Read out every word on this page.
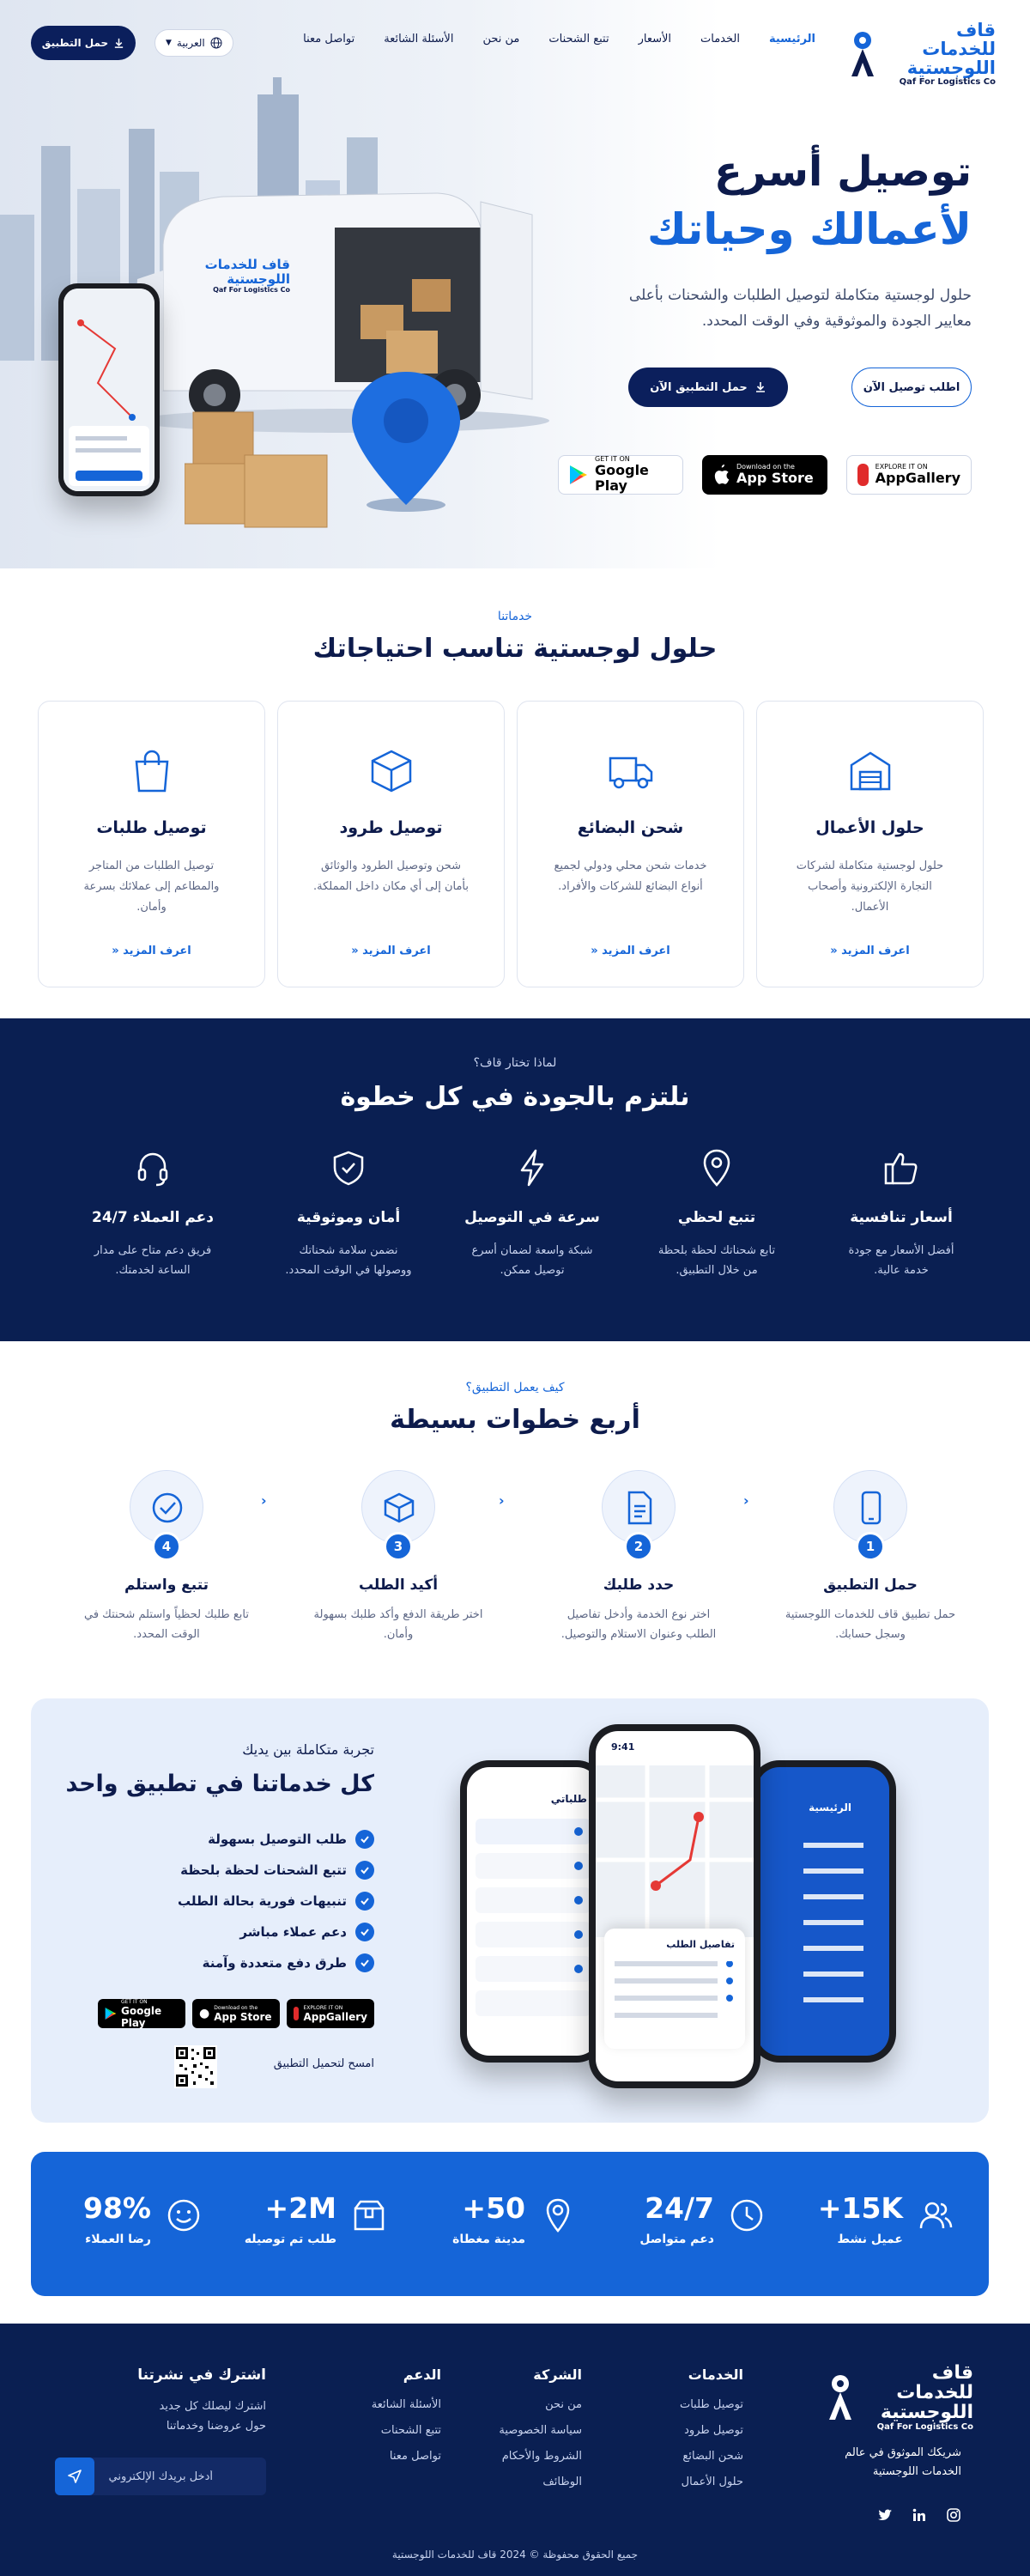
قاف للخدمات اللوجستية
Qaf For Logistics Co
توصيل أسرع
لأعمالك وحياتك

حلول لوجستية متكاملة لتوصيل الطلبات والشحنات بأعلى معايير الجودة والموثوقية وفي الوقت المحدد.

اطلب توصيل الآن
حمل التطبيق الآن
EXPLORE IT ON
AppGallery
Download on the
App Store
GET IT ON
Google Play
قاف للخدمات اللوجستية
Qaf For Logistics Co
الرئيسية
الخدمات
الأسعار
تتبع الشحنات
من نحن
الأسئلة الشائعة
تواصل معنا
العربية
▼
حمل التطبيق
خدماتنا
حلول لوجستية تناسب احتياجاتك
حلول الأعمال

حلول لوجستية متكاملة لشركات التجارة الإلكترونية وأصحاب الأعمال.

اعرف المزيد «
شحن البضائع

خدمات شحن محلي ودولي لجميع أنواع البضائع للشركات والأفراد.

اعرف المزيد «
توصيل طرود

شحن وتوصيل الطرود والوثائق بأمان إلى أي مكان داخل المملكة.

اعرف المزيد «
توصيل طلبات

توصيل الطلبات من المتاجر والمطاعم إلى عملائك بسرعة وأمان.

اعرف المزيد «
لماذا تختار قاف؟
نلتزم بالجودة في كل خطوة
دعم العملاء 24/7

فريق دعم متاح على مدار الساعة لخدمتك.

أمان وموثوقية

نضمن سلامة شحناتك ووصولها في الوقت المحدد.

سرعة في التوصيل

شبكة واسعة لضمان أسرع توصيل ممكن.

تتبع لحظي

تابع شحناتك لحظة بلحظة من خلال التطبيق.

أسعار تنافسية

أفضل الأسعار مع جودة خدمة عالية.

كيف يعمل التطبيق؟
أربع خطوات بسيطة
4
تتبع واستلم

تابع طلبك لحظياً واستلم شحنتك في الوقت المحدد.

‹
3
أكيد الطلب

اختر طريقة الدفع وأكد طلبك بسهولة وأمان.

‹
2
حدد طلبك

اختر نوع الخدمة وأدخل تفاصيل الطلب وعنوان الاستلام والتوصيل.

‹
1
حمل التطبيق

حمل تطبيق قاف للخدمات اللوجستية وسجل حسابك.

طلباتي
الرئيسية
9:41
تفاصيل الطلب
تجربة متكاملة بين يديك
كل خدماتنا في تطبيق واحد
طلب التوصيل بسهولة
تتبع الشحنات لحظة بلحظة
تنبيهات فورية بحالة الطلب
دعم عملاء مباشر
طرق دفع متعددة وآمنة
EXPLORE IT ON
AppGallery
● Download on the
App Store
GET IT ON
Google Play
امسح لتحميل التطبيق
+15K
عميل نشط
24/7
دعم متواصل
+50
مدينة مغطاة
+2M
طلب تم توصيله
98%
رضا العملاء
قاف للخدمات اللوجستية
Qaf For Logistics Co
شريكك الموثوق في عالم الخدمات اللوجستية
الخدمات
توصيل طلبات
توصيل طرود
شحن البضائع
حلول الأعمال
الشركة
من نحن
سياسة الخصوصية
الشروط والأحكام
الوظائف
الدعم
الأسئلة الشائعة
تتبع الشحنات
تواصل معنا
اشترك في نشرتنا
اشترك ليصلك كل جديد حول عروضنا وخدماتنا
أدخل بريدك الإلكتروني
جميع الحقوق محفوظة © 2024 قاف للخدمات اللوجستية
